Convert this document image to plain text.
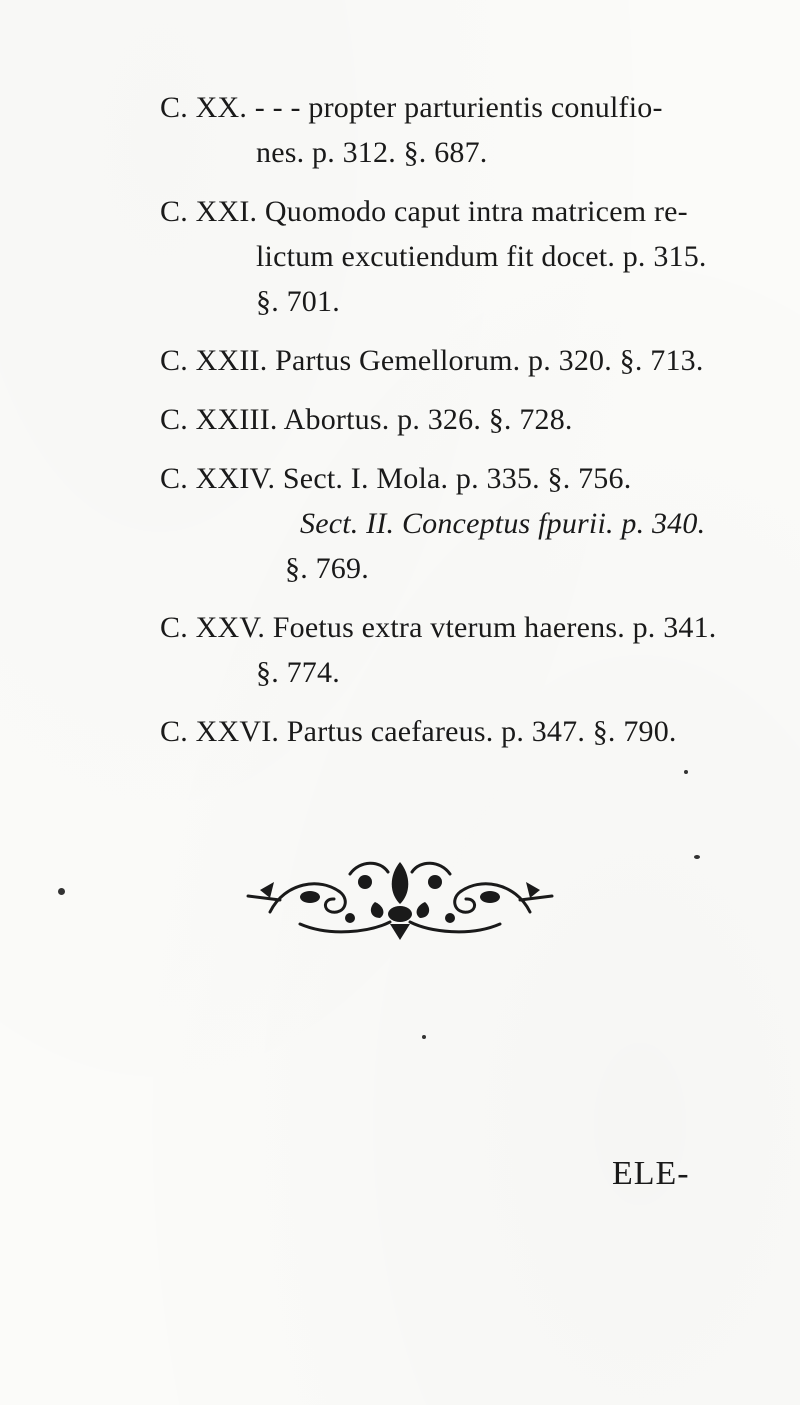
C. XX. - - - propter parturientis conulfio-
nes. p. 312. §. 687.
C. XXI. Quomodo caput intra matricem re-
lictum excutiendum fit docet. p. 315.
§. 701.
C. XXII. Partus Gemellorum. p. 320. §. 713.
C. XXIII. Abortus. p. 326. §. 728.
C. XXIV. Sect. I. Mola. p. 335. §. 756.
Sect. II. Conceptus fpurii. p. 340.
§. 769.
C. XXV. Foetus extra vterum haerens. p. 341.
§. 774.
C. XXVI. Partus caefareus. p. 347. §. 790.
ELE-
